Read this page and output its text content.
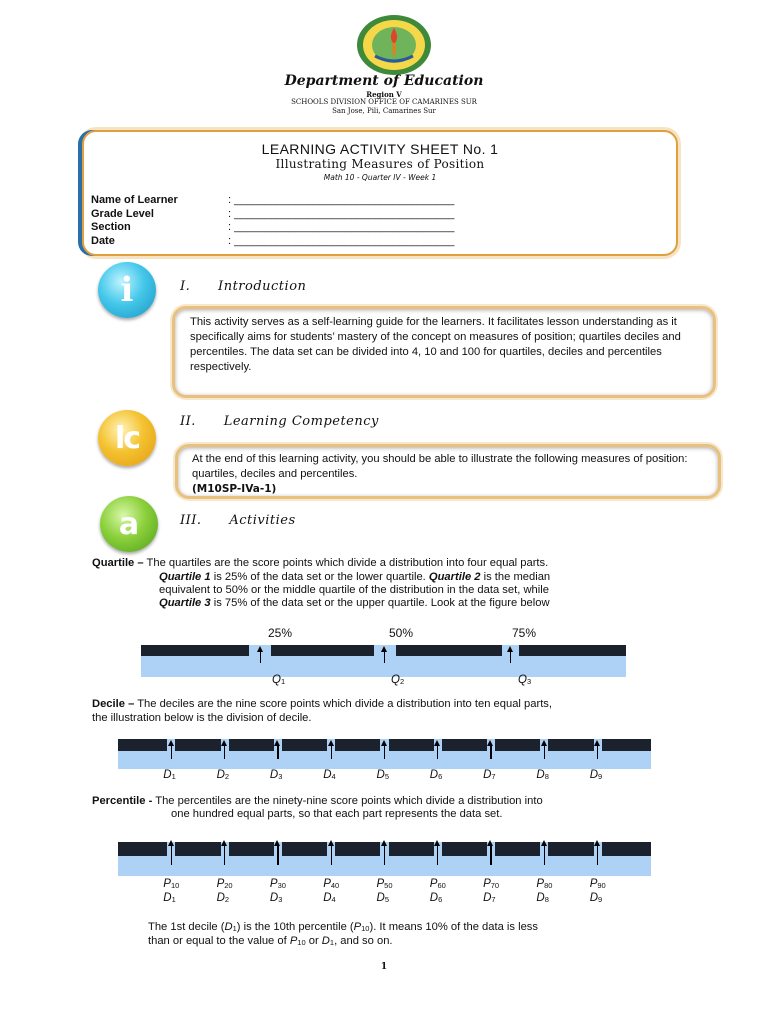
Department of Education
Region V
SCHOOLS DIVISION OFFICE OF CAMARINES SUR
San Jose, Pili, Camarines Sur
LEARNING ACTIVITY SHEET No. 1
Illustrating Measures of Position
Math 10 - Quarter IV - Week 1
Name of Learner	: ____________________________________
Grade Level	: ____________________________________
Section	: ____________________________________
Date	: ____________________________________
i	I.      Introduction
This activity serves as a self-learning guide for the learners. It facilitates lesson understanding as it specifically aims for students’ mastery of the concept on measures of position; quartiles deciles and percentiles. The data set can be divided into 4, 10 and 100 for quartiles, deciles and percentiles respectively.
lc	II.      Learning Competency
At the end of this learning activity, you should be able to illustrate the following measures of position: quartiles, deciles and percentiles.
(M10SP-IVa-1)
a	III.      Activities
Quartile – The quartiles are the score points which divide a distribution into four equal parts.
Quartile 1 is 25% of the data set or the lower quartile. Quartile 2 is the median
equivalent to 50% or the middle quartile of the distribution in the data set, while
Quartile 3 is 75% of the data set or the upper quartile. Look at the figure below
25%	50%	75%
$Q_1$	$Q_2$	$Q_3$
Decile – The deciles are the nine score points which divide a distribution into ten equal parts,
the illustration below is the division of decile.
$D_1$	$D_2$	$D_3$	$D_4$	$D_5$	$D_6$	$D_7$	$D_8$	$D_9$
Percentile - The percentiles are the ninety-nine score points which divide a distribution into
one hundred equal parts, so that each part represents the data set.
$P_{10}$	$P_{20}$	$P_{30}$	$P_{40}$	$P_{50}$	$P_{60}$	$P_{70}$	$P_{80}$	$P_{90}$
$D_1$	$D_2$	$D_3$	$D_4$	$D_5$	$D_6$	$D_7$	$D_8$	$D_9$
The 1st decile $(D_1)$ is the 10th percentile $(P_{10})$. It means 10% of the data is less
than or equal to the value of $P_{10}$ or $D_1$, and so on.
1
